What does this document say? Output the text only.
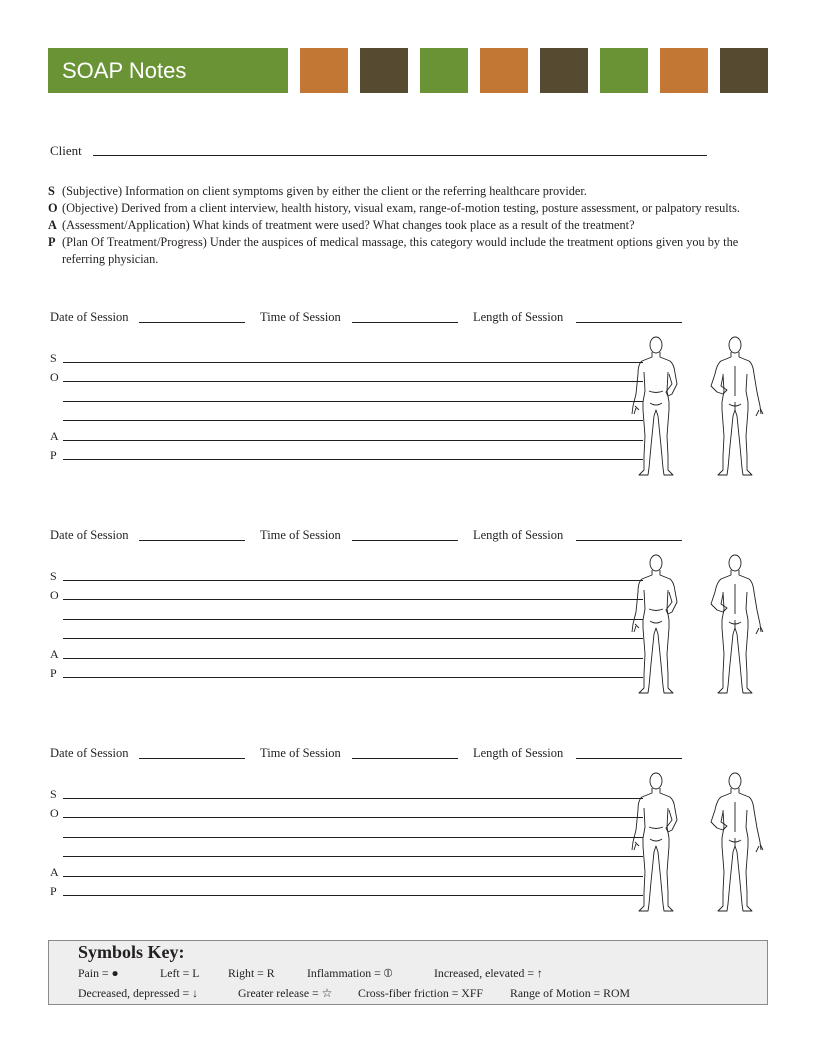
SOAP Notes
Client

S (Subjective) Information on client symptoms given by either the client or the referring healthcare provider.

O (Objective) Derived from a client interview, health history, visual exam, range-of-motion testing, posture assessment, or palpatory results.

A (Assessment/Application) What kinds of treatment were used? What changes took place as a result of the treatment?

P (Plan Of Treatment/Progress) Under the auspices of medical massage, this category would include the treatment options given you by the referring physician.

Date of Session	Time of Session	Length of Session
S
O
A
P
Date of Session	Time of Session	Length of Session
S
O
A
P
Date of Session	Time of Session	Length of Session
S
O
A
P
Symbols Key:
Pain = ●	Left = L Right = R	Inflammation = ⦶	Increased, elevated = ↑
Decreased, depressed = ↓	Greater release = ☆ Cross-fiber friction = XFF Range of Motion = ROM
